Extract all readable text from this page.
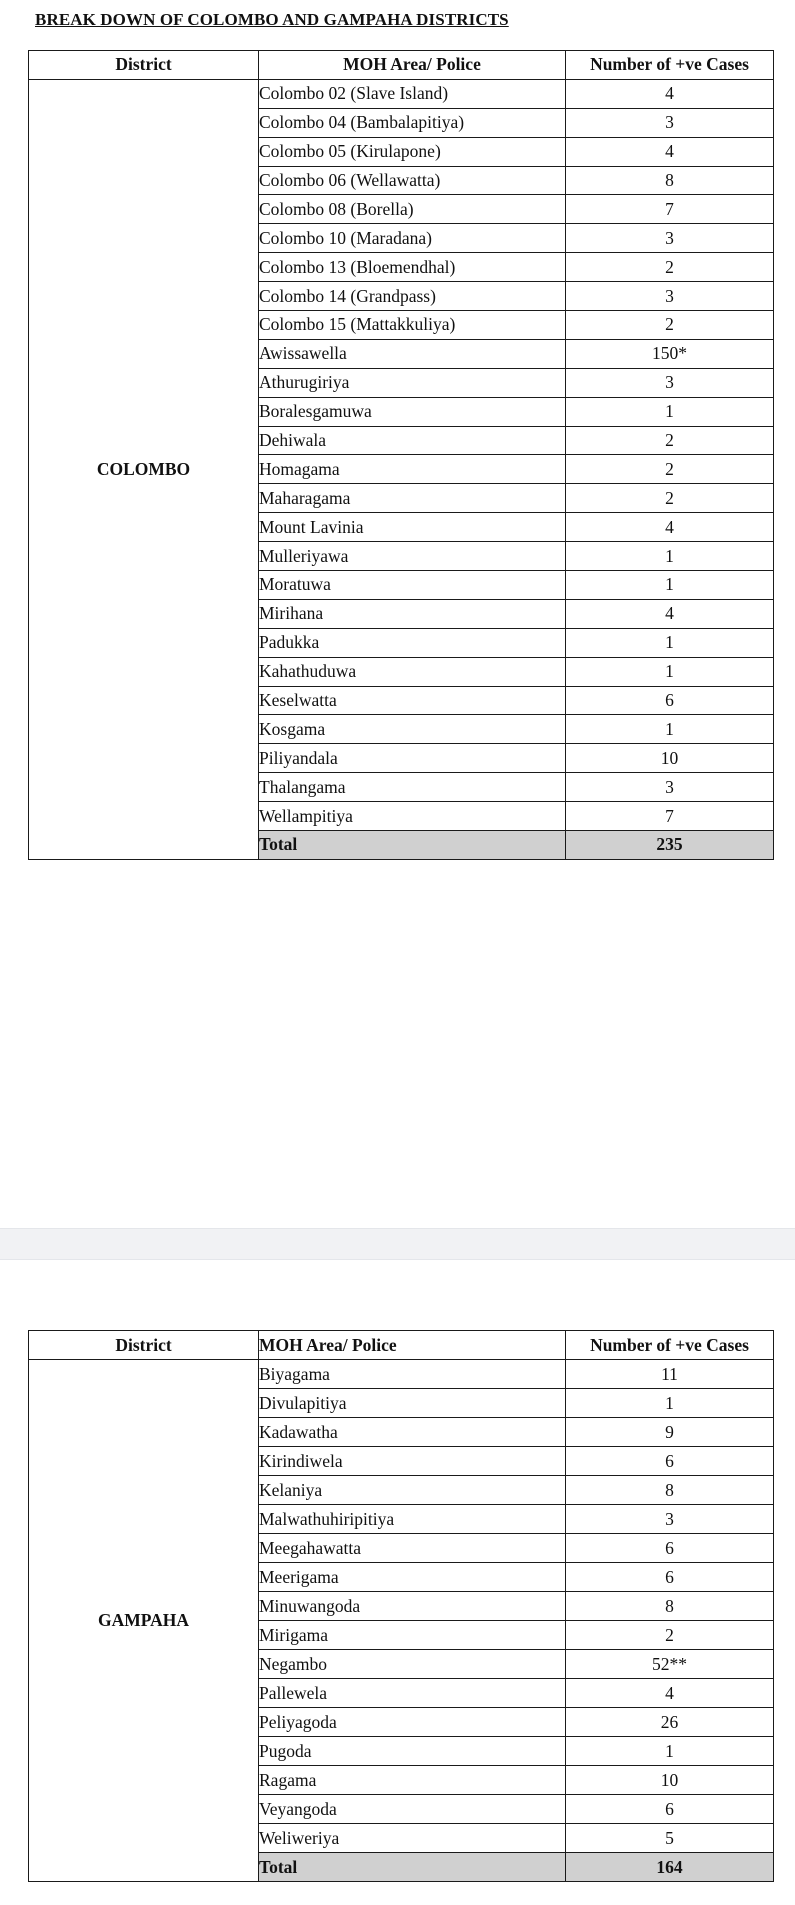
BREAK DOWN OF COLOMBO AND GAMPAHA DISTRICTS
District	MOH Area/ Police	Number of +ve Cases
COLOMBO	Colombo 02 (Slave Island)	4
	Colombo 04 (Bambalapitiya)	3
	Colombo 05 (Kirulapone)	4
	Colombo 06 (Wellawatta)	8
	Colombo 08 (Borella)	7
	Colombo 10 (Maradana)	3
	Colombo 13 (Bloemendhal)	2
	Colombo 14 (Grandpass)	3
	Colombo 15 (Mattakkuliya)	2
	Awissawella	150*
	Athurugiriya	3
	Boralesgamuwa	1
	Dehiwala	2
	Homagama	2
	Maharagama	2
	Mount Lavinia	4
	Mulleriyawa	1
	Moratuwa	1
	Mirihana	4
	Padukka	1
	Kahathuduwa	1
	Keselwatta	6
	Kosgama	1
	Piliyandala	10
	Thalangama	3
	Wellampitiya	7
	Total	235
District	MOH Area/ Police	Number of +ve Cases
GAMPAHA	Biyagama	11
	Divulapitiya	1
	Kadawatha	9
	Kirindiwela	6
	Kelaniya	8
	Malwathuhiripitiya	3
	Meegahawatta	6
	Meerigama	6
	Minuwangoda	8
	Mirigama	2
	Negambo	52**
	Pallewela	4
	Peliyagoda	26
	Pugoda	1
	Ragama	10
	Veyangoda	6
	Weliweriya	5
	Total	164
